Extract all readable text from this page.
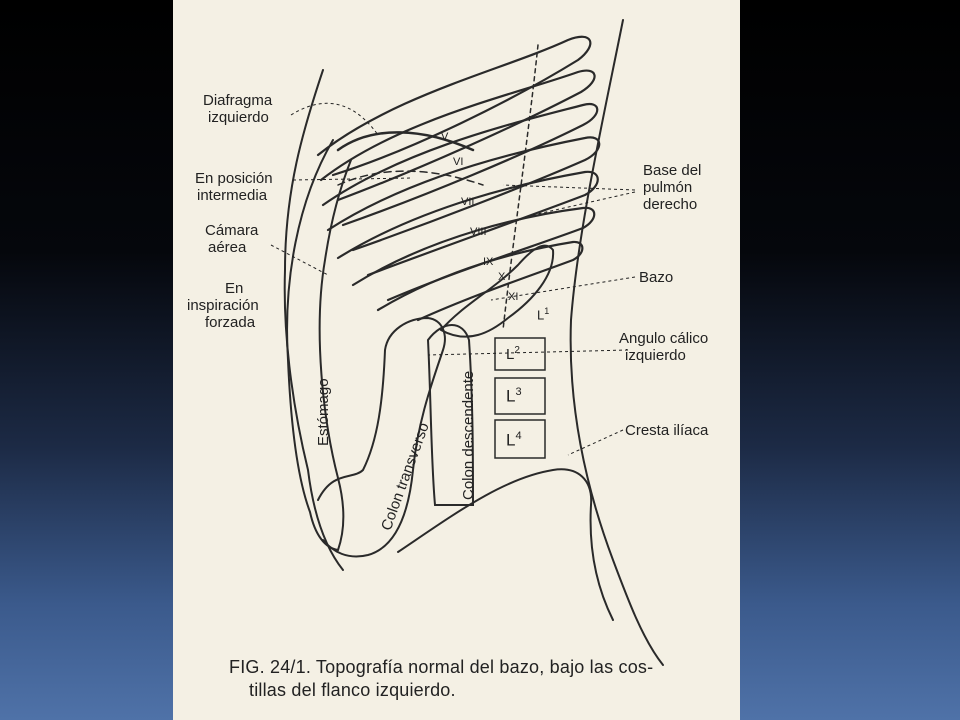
V
VI
VII
VIII
IX
X
XI
Diafragma
izquierdo
En posición
intermedia
Cámara
aérea
En
inspiración
forzada
Base del
pulmón
derecho
Bazo
Angulo cálico
izquierdo
Cresta ilíaca
Estómago
Colon transverso Colon descendente
$L^1$
$L^2$
$L^3$
$L^4$
FIG. 24/1. Topografía normal del bazo, bajo las cos-
tillas del flanco izquierdo.
